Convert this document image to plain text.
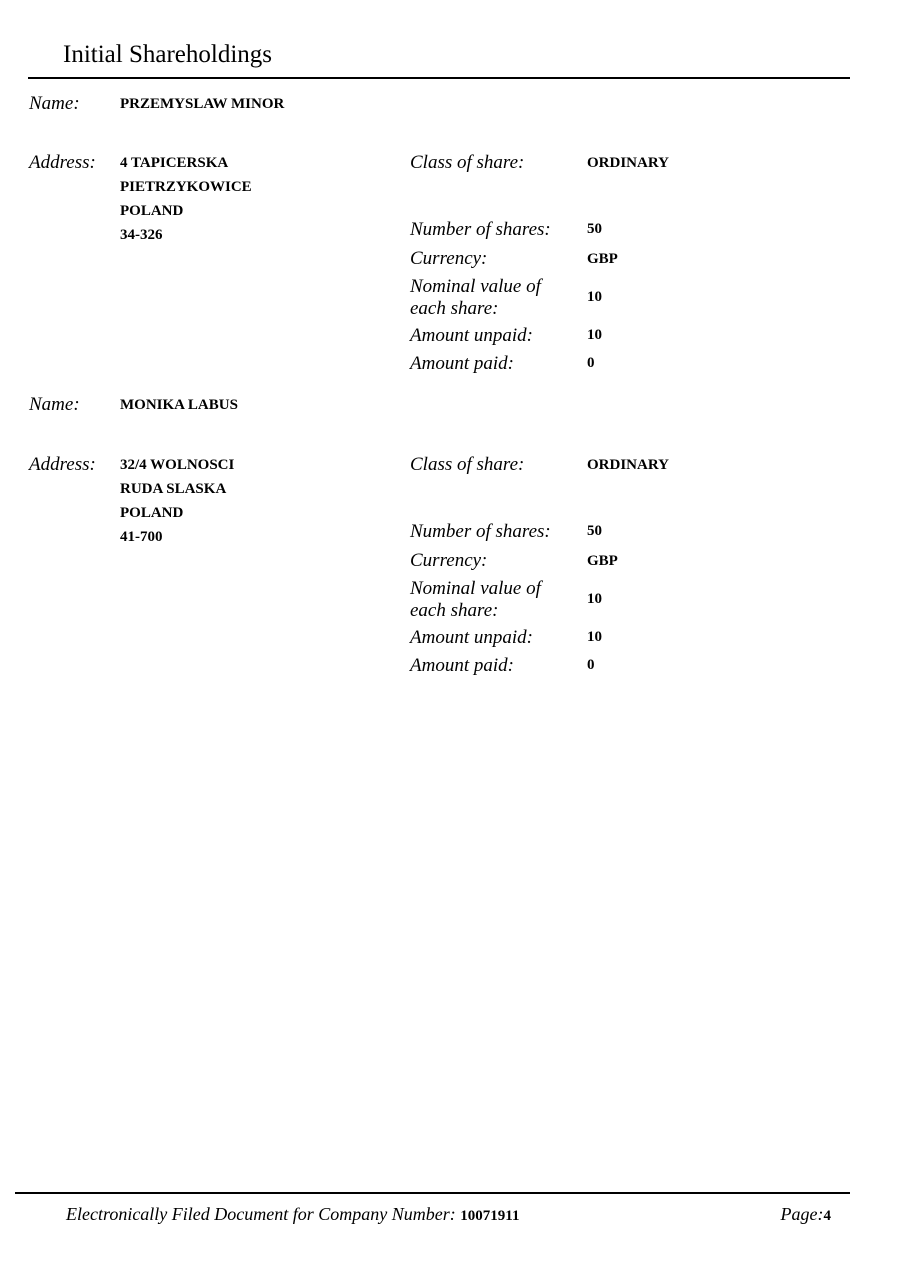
Initial Shareholdings
Name:	PRZEMYSLAW MINOR
Address: 4 TAPICERSKA
PIETRZYKOWICE
POLAND
34-326
Class of share:	ORDINARY
Number of shares: 50
Currency:	GBP
Nominal value of each share:
10
Amount unpaid:	10
Amount paid:	0
Name:	MONIKA LABUS
Address: 32/4 WOLNOSCI
RUDA SLASKA
POLAND
41-700
Class of share:	ORDINARY
Number of shares: 50
Currency:	GBP
Nominal value of each share:
10
Amount unpaid:	10
Amount paid:	0
Electronically Filed Document for Company Number: 10071911	Page:4
